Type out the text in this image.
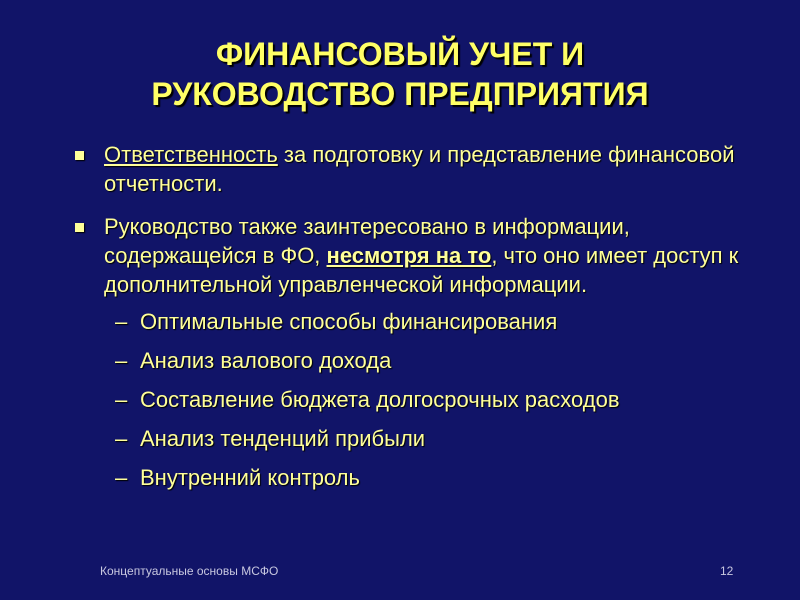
ФИНАНСОВЫЙ УЧЕТ И
РУКОВОДСТВО ПРЕДПРИЯТИЯ
Ответственность за подготовку и представление финансовой отчетности.
Руководство также заинтересовано в информации, содержащейся в ФО, несмотря на то, что оно имеет доступ к дополнительной управленческой информации.
– Оптимальные способы финансирования
– Анализ валового дохода
– Составление бюджета долгосрочных расходов
– Анализ тенденций прибыли
– Внутренний контроль
Концептуальные основы МСФО	12
